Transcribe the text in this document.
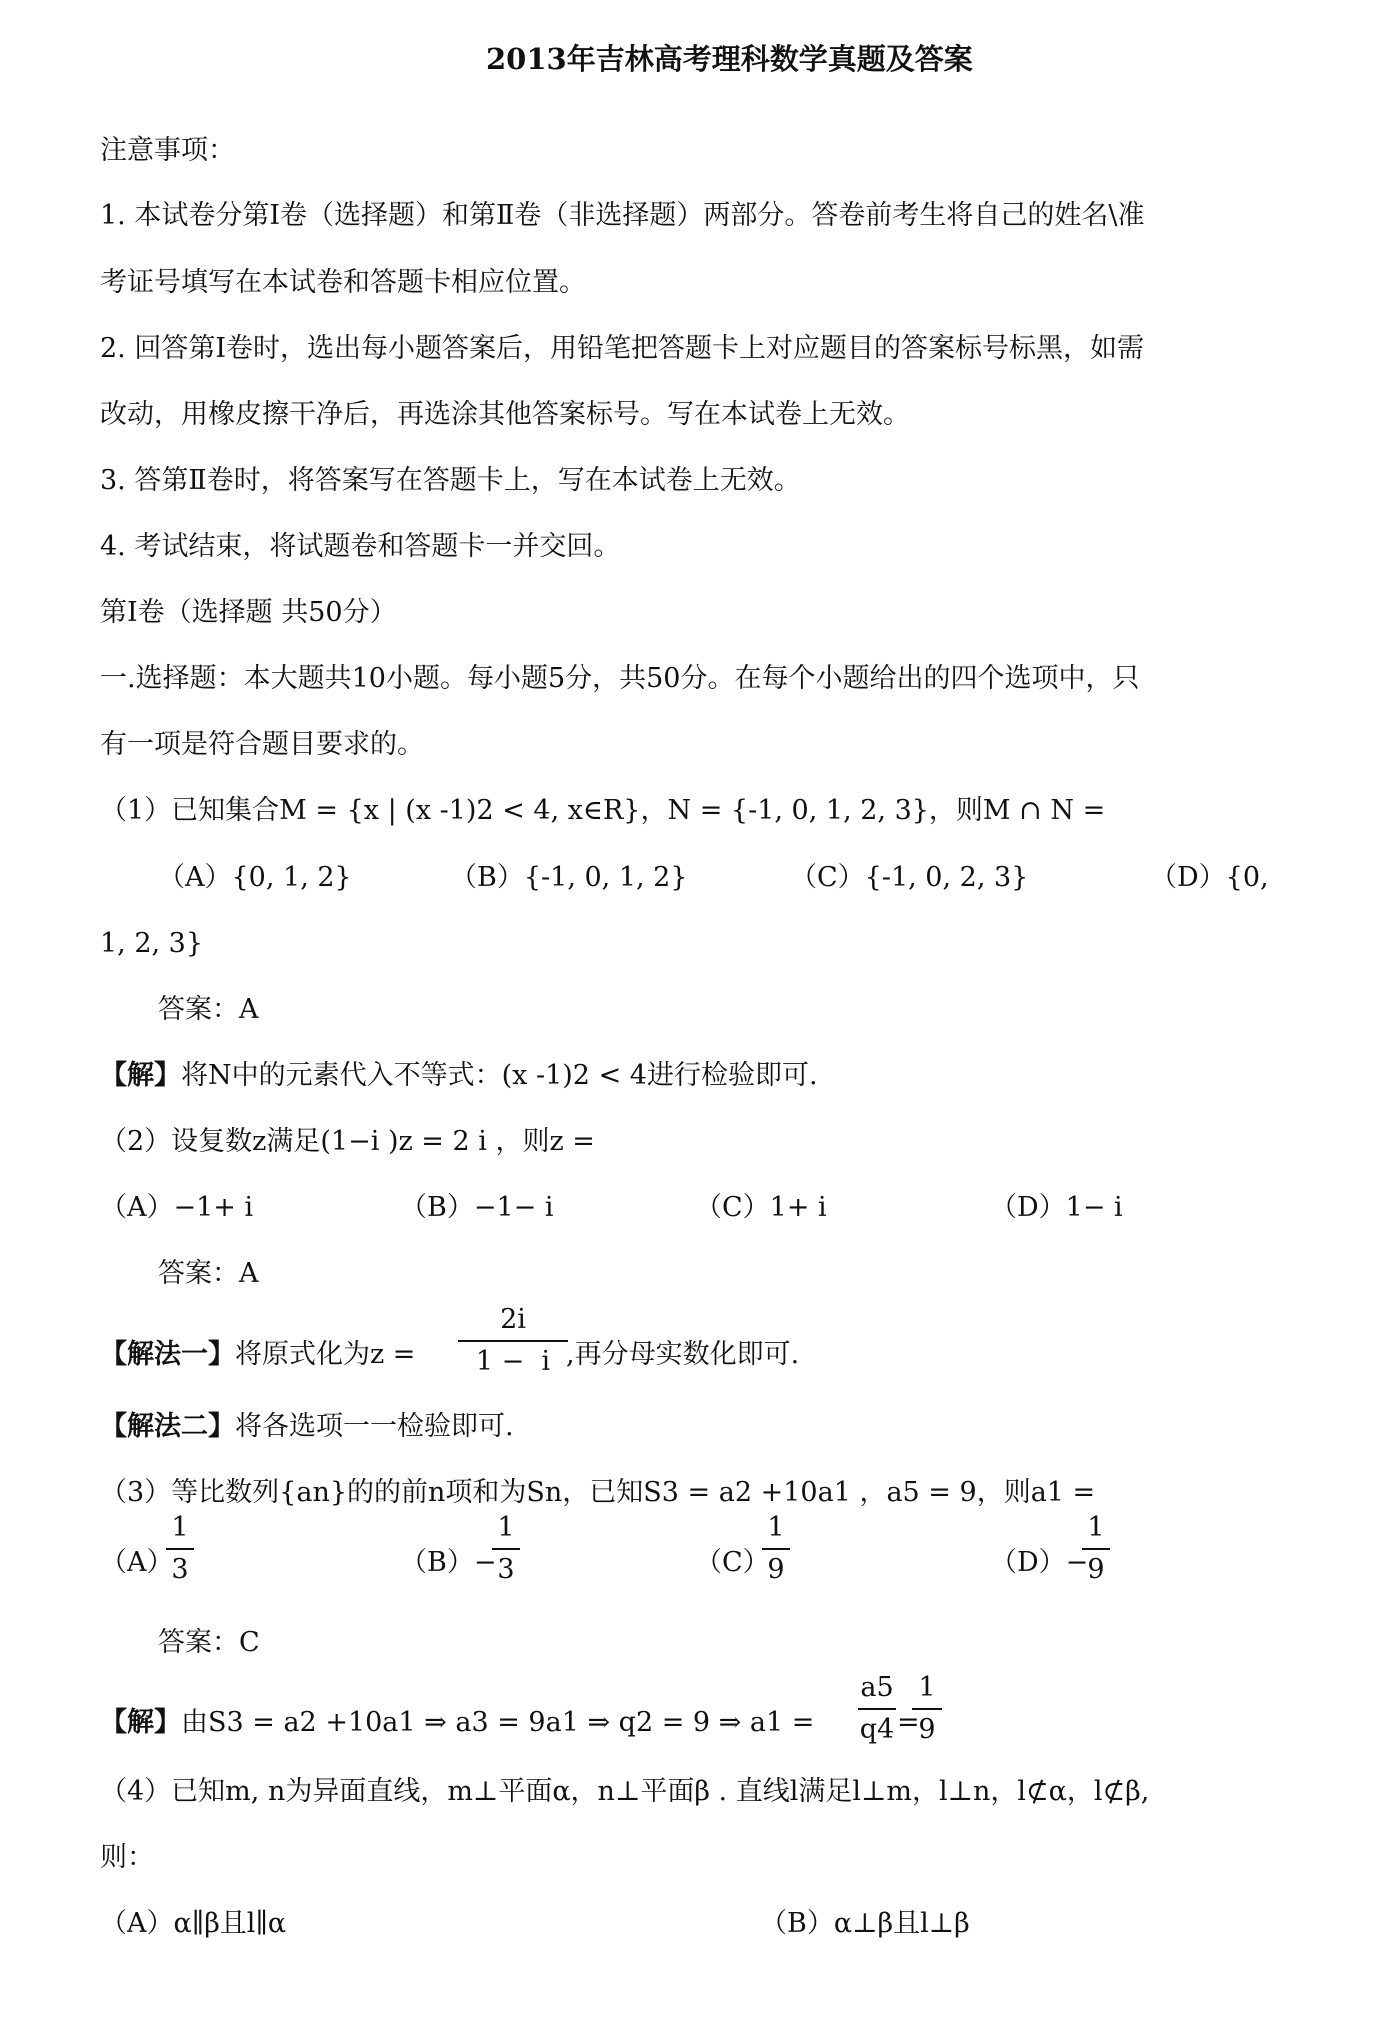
2013年吉林高考理科数学真题及答案
注意事项：
1. 本试卷分第Ⅰ卷（选择题）和第Ⅱ卷（非选择题）两部分。答卷前考生将自己的姓名\准
考证号填写在本试卷和答题卡相应位置。
2. 回答第Ⅰ卷时，选出每小题答案后，用铅笔把答题卡上对应题目的答案标号标黑，如需
改动，用橡皮擦干净后，再选涂其他答案标号。写在本试卷上无效。
3. 答第Ⅱ卷时，将答案写在答题卡上，写在本试卷上无效。
4. 考试结束，将试题卷和答题卡一并交回。
第Ⅰ卷（选择题 共50分）
一.选择题：本大题共10小题。每小题5分，共50分。在每个小题给出的四个选项中，只
有一项是符合题目要求的。
（1）已知集合M = {x | (x -1)2 < 4, x∈R}，N = {-1, 0, 1, 2, 3}，则M ∩ N =
（A）{0, 1, 2}	（B）{-1, 0, 1, 2}	（C）{-1, 0, 2, 3}	（D）{0,
1, 2, 3}
答案：A
【解】将N中的元素代入不等式：(x -1)2 < 4进行检验即可.
（2）设复数z满足(1−i )z = 2 i ，则z =
（A）−1+ i	（B）−1− i	（C）1+ i	（D）1− i
答案：A
【解法一】将原式化为z =
2i
1 −  i ,再分母实数化即可.
【解法二】将各选项一一检验即可.
（3）等比数列{an}的的前n项和为Sn，已知S3 = a2 +10a1 ，a5 = 9，则a1 =
（A）
1
3	（B）−
1
3	（C）
1
9	（D）−
1
9
答案：C
【解】由S3 = a2 +10a1 ⇒ a3 = 9a1 ⇒ q2 = 9 ⇒ a1 =
a5
q4 =
1
9
（4）已知m, n为异面直线，m⊥平面α，n⊥平面β . 直线l满足l⊥m，l⊥n，l⊄α，l⊄β,
则：
（A）α∥β且l∥α	（B）α⊥β且l⊥β
